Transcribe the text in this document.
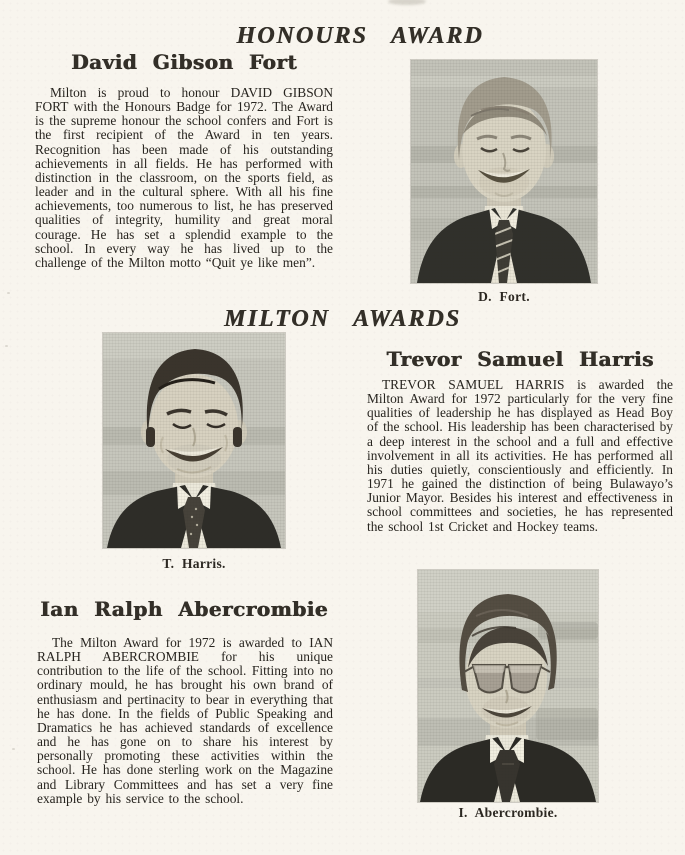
HONOURS AWARD
David Gibson Fort

Milton is proud to honour DAVID GIBSON FORT with the Honours Badge for 1972. The Award is the supreme honour the school confers and Fort is the first recipient of the Award in ten years. Recognition has been made of his outstanding achievements in all fields. He has performed with distinction in the classroom, on the sports field, as leader and in the cultural sphere. With all his fine achievements, too numerous to list, he has preserved qualities of integrity, humility and great moral courage. He has set a splendid example to the school. In every way he has lived up to the challenge of the Milton motto “Quit ye like men”.

D. Fort.
MILTON AWARDS
T. Harris.
Trevor Samuel Harris

TREVOR SAMUEL HARRIS is awarded the Milton Award for 1972 particularly for the very fine qualities of leadership he has displayed as Head Boy of the school. His leadership has been characterised by a deep interest in the school and a full and effective involvement in all its activities. He has performed all his duties quietly, conscientiously and efficiently. In 1971 he gained the distinction of being Bulawayo’s Junior Mayor. Besides his interest and effectiveness in school committees and societies, he has represented the school 1st Cricket and Hockey teams.

Ian Ralph Abercrombie

The Milton Award for 1972 is awarded to IAN RALPH ABERCROMBIE for his unique contribution to the life of the school. Fitting into no ordinary mould, he has brought his own brand of enthusiasm and pertinacity to bear in everything that he has done. In the fields of Public Speaking and Dramatics he has achieved standards of excellence and he has gone on to share his interest by personally promoting these activities within the school. He has done sterling work on the Magazine and Library Committees and has set a very fine example by his service to the school.

I. Abercrombie.
